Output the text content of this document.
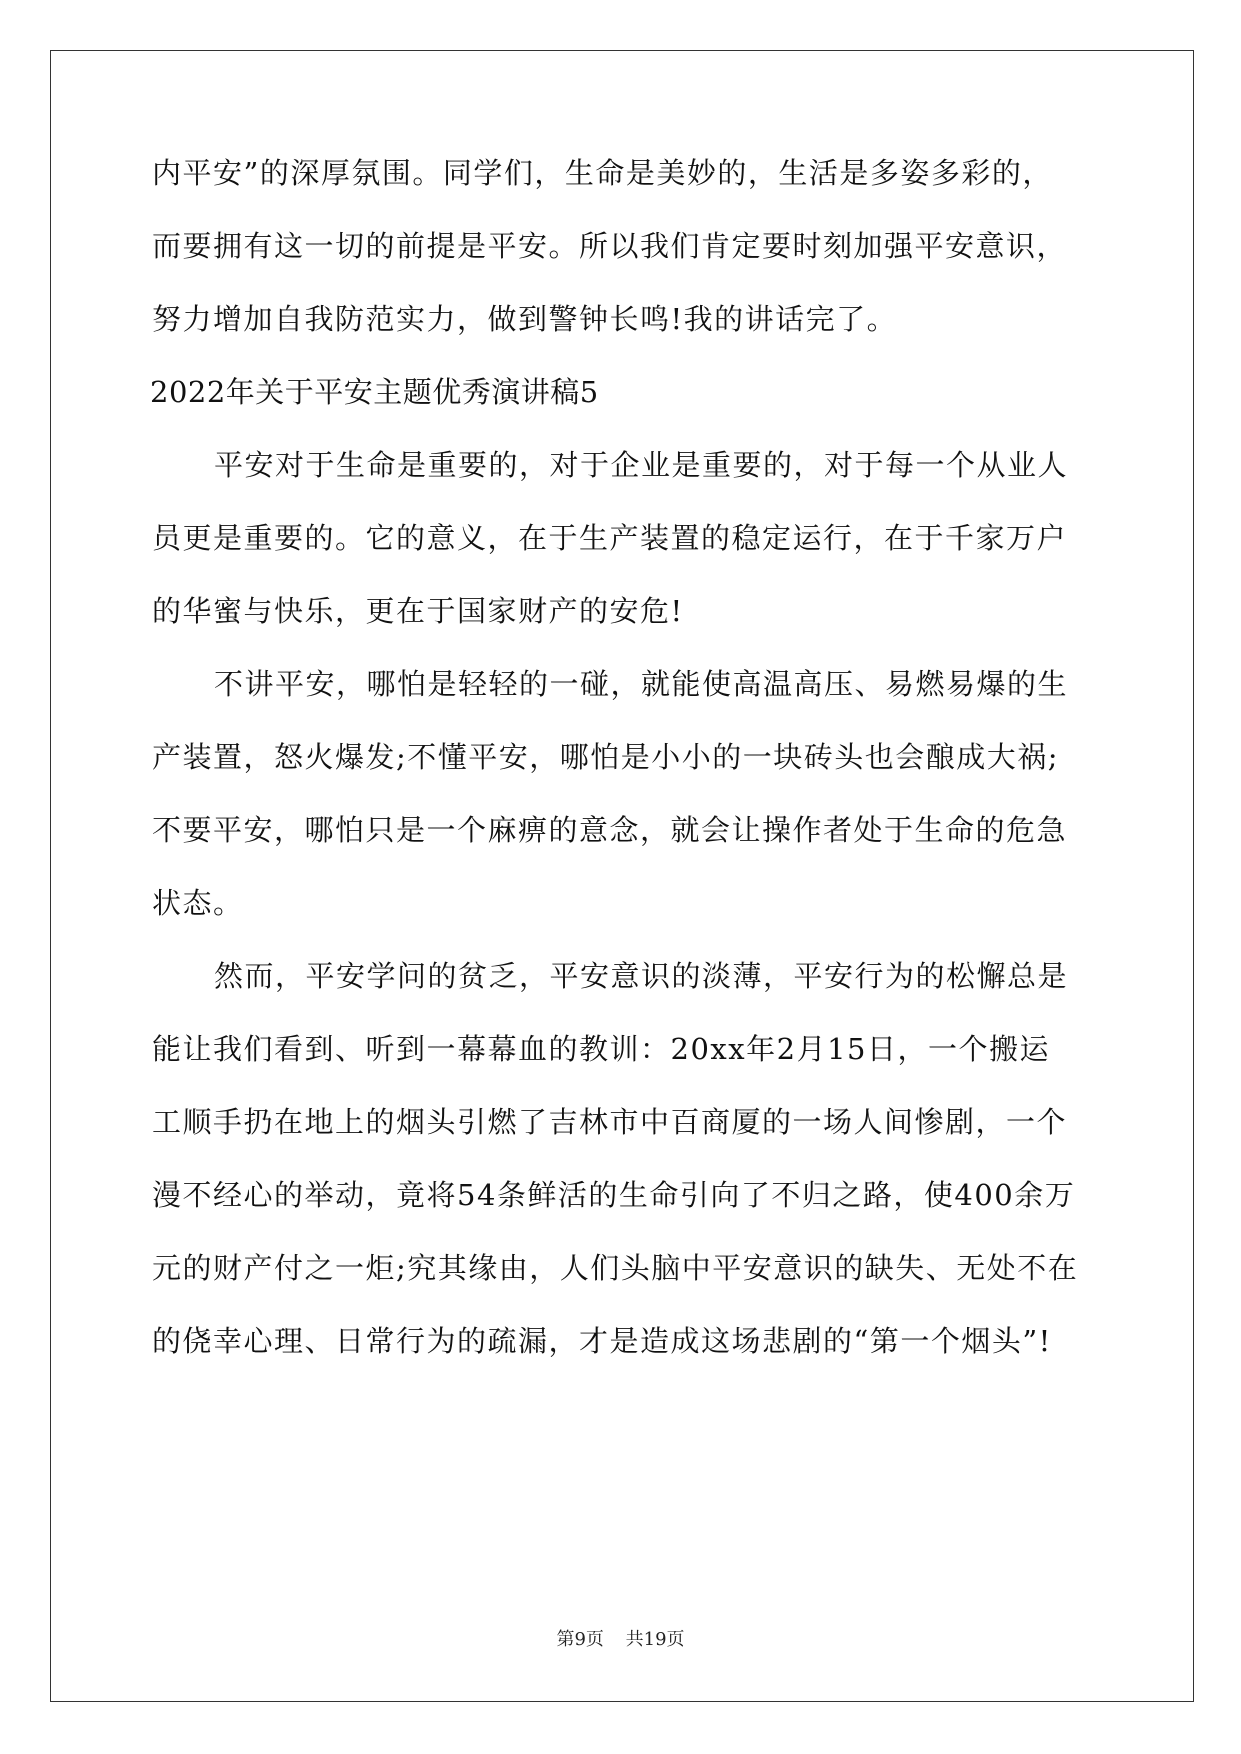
内平安”的深厚氛围。同学们，生命是美妙的，生活是多姿多彩的，
而要拥有这一切的前提是平安。所以我们肯定要时刻加强平安意识，
努力增加自我防范实力，做到警钟长鸣!我的讲话完了。
2022年关于平安主题优秀演讲稿5
平安对于生命是重要的，对于企业是重要的，对于每一个从业人
员更是重要的。它的意义，在于生产装置的稳定运行，在于千家万户
的华蜜与快乐，更在于国家财产的安危!
不讲平安，哪怕是轻轻的一碰，就能使高温高压、易燃易爆的生
产装置，怒火爆发;不懂平安，哪怕是小小的一块砖头也会酿成大祸;
不要平安，哪怕只是一个麻痹的意念，就会让操作者处于生命的危急
状态。
然而，平安学问的贫乏，平安意识的淡薄，平安行为的松懈总是
能让我们看到、听到一幕幕血的教训：20xx年2月15日，一个搬运
工顺手扔在地上的烟头引燃了吉林市中百商厦的一场人间惨剧，一个
漫不经心的举动，竟将54条鲜活的生命引向了不归之路，使400余万
元的财产付之一炬;究其缘由，人们头脑中平安意识的缺失、无处不在
的侥幸心理、日常行为的疏漏，才是造成这场悲剧的“第一个烟头”!
第9页 共19页
